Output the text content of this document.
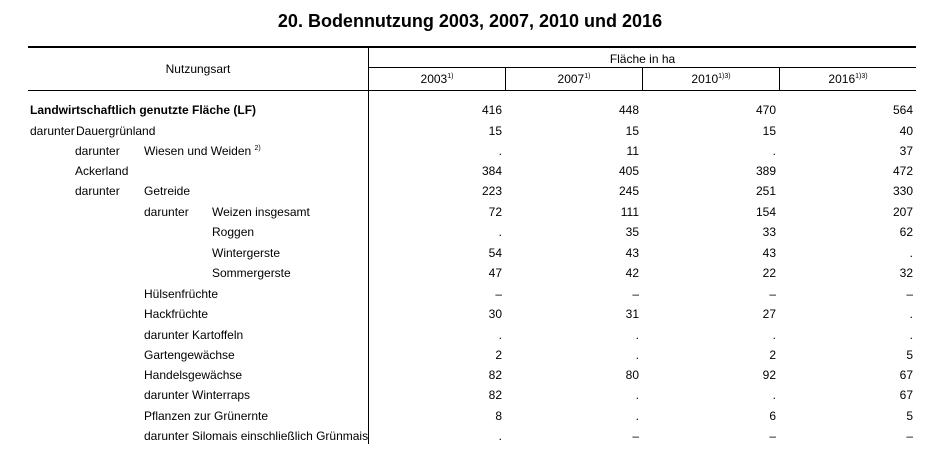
20. Bodennutzung 2003, 2007, 2010 und 2016
Nutzungsart
Fläche in ha
2003$^{1)}$	2007$^{1)}$	$2010^{1)3)}$	$2016^{1)3)}$
Landwirtschaftlich genutzte Fläche (LF)	416	448	470	564
darunter Dauergrünland	15	15	15	40
darunter Wiesen und Weiden $^{2)}$	.	11	.	37
Ackerland	384	405	389	472
darunter Getreide	223	245	251	330
darunter Weizen insgesamt	72	111	154	207
Roggen	.	35	33	62
Wintergerste	54	43	43	.
Sommergerste	47	42	22	32
Hülsenfrüchte	–	–	–	–
Hackfrüchte	30	31	27	.
darunter Kartoffeln	.	.	.	.
Gartengewächse	2	.	2	5
Handelsgewächse	82	80	92	67
darunter Winterraps	82	.	.	67
Pflanzen zur Grünernte	8	.	6	5
darunter Silomais einschließlich Grünmais	.	–	–	–
